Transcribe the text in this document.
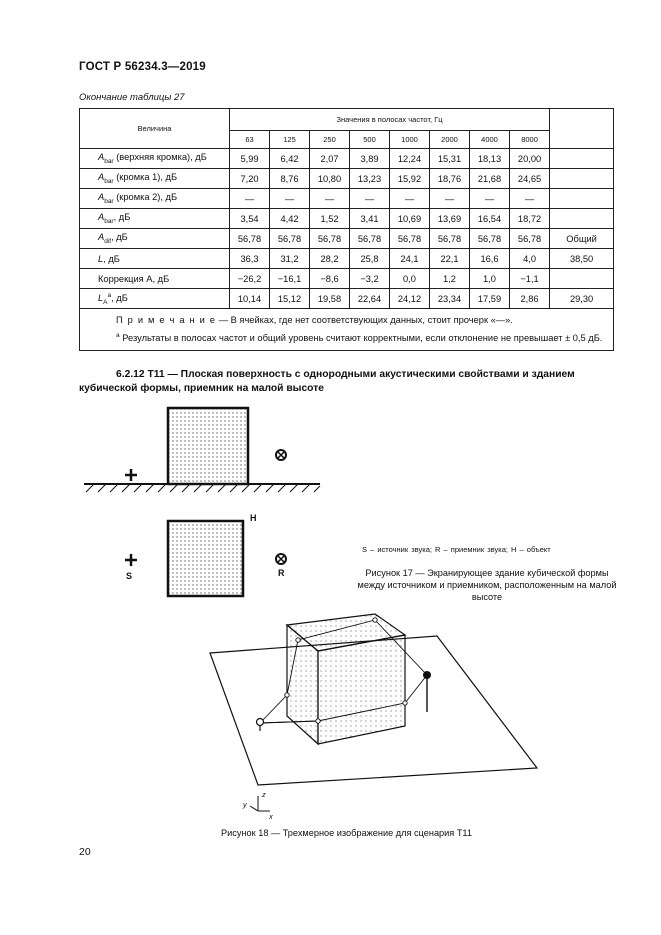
ГОСТ Р 56234.3—2019
Окончание таблицы 27
Величина	Значения в полосах частот, Гц								
	63	125	250	500	1000	2000	4000	8000	
$A_{bar}$ (верхняя кромка), дБ	5,99	6,42	2,07	3,89	12,24	15,31	18,13	20,00	
$A_{bar}$ (кромка 1), дБ	7,20	8,76	10,80	13,23	15,92	18,76	21,68	24,65	
$A_{bar}$ (кромка 2), дБ	—	—	—	—	—	—	—	—	
$A_{bar}$, дБ	3,54	4,42	1,52	3,41	10,69	13,69	16,54	18,72	
$A_{dif}$, дБ	56,78	56,78	56,78	56,78	56,78	56,78	56,78	56,78	Общий
L, дБ	36,3	31,2	28,2	25,8	24,1	22,1	16,6	4,0	38,50
Коррекция А, дБ	−26,2	−16,1	−8,6	−3,2	0,0	1,2	1,0	−1,1	
$L_A^a$, дБ	10,14	15,12	19,58	22,64	24,12	23,34	17,59	2,86	29,30

П р и м е ч а н и е — В ячейках, где нет соответствующих данных, стоит прочерк «—».
$^a$ Результаты в полосах частот и общий уровень считают корректными, если отклонение не превышает ± 0,5 дБ.									
6.2.12 T11 — Плоская поверхность с однородными акустическими свойствами и зданием кубической формы, приемник на малой высоте
H
S	R
S – источник звука; R – приемник звука; H – объект
Рисунок 17 — Экранирующее здание кубической формы между источником и приемником, расположенным на малой высоте
z
x
y
Рисунок 18 — Трехмерное изображение для сценария T11
20
